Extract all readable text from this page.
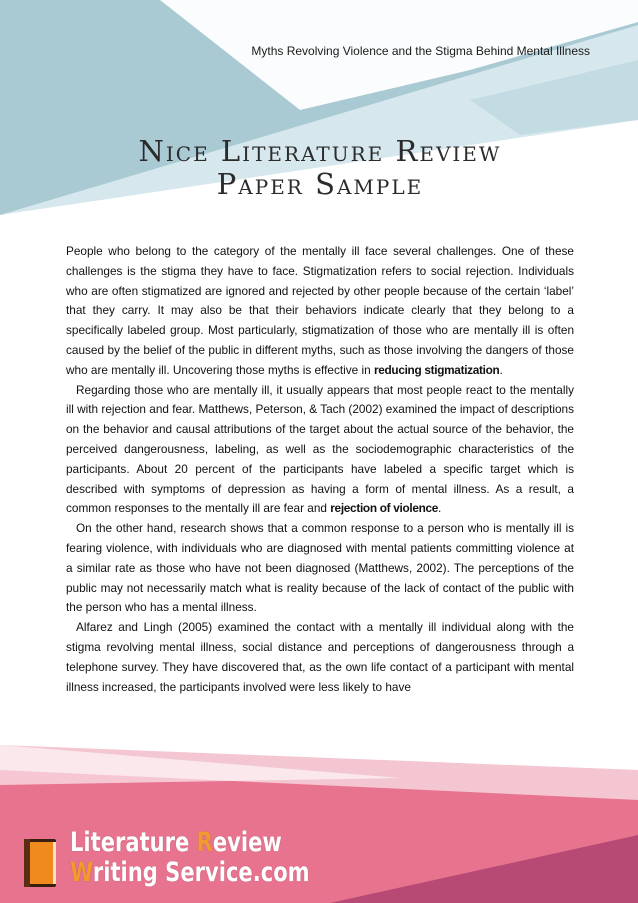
Myths Revolving Violence and the Stigma Behind Mental Illness
Nice Literature Review
Paper Sample

People who belong to the category of the mentally ill face several challenges. One of these challenges is the stigma they have to face. Stigmatization refers to social rejection. Individuals who are often stigmatized are ignored and rejected by other people because of the certain ‘label’ that they carry. It may also be that their behaviors indicate clearly that they belong to a specifically labeled group. Most particularly, stigmatization of those who are mentally ill is often caused by the belief of the public in different myths, such as those involving the dangers of those who are mentally ill. Uncovering those myths is effective in reducing stigmatization.

Regarding those who are mentally ill, it usually appears that most people react to the mentally ill with rejection and fear. Matthews, Peterson, & Tach (2002) examined the impact of descriptions on the behavior and causal attributions of the target about the actual source of the behavior, the perceived dangerousness, labeling, as well as the sociodemographic characteristics of the participants. About 20 percent of the participants have labeled a specific target which is described with symptoms of depression as having a form of mental illness. As a result, a common responses to the mentally ill are fear and rejection of violence.

On the other hand, research shows that a common response to a person who is mentally ill is fearing violence, with individuals who are diagnosed with mental patients committing violence at a similar rate as those who have not been diagnosed (Matthews, 2002). The perceptions of the public may not necessarily match what is reality because of the lack of contact of the public with the person who has a mental illness.

Alfarez and Lingh (2005) examined the contact with a mentally ill individual along with the stigma revolving mental illness, social distance and perceptions of dangerousness through a telephone survey. They have discovered that, as the own life contact of a participant with mental illness increased, the participants involved were less likely to have

Literature Review
Writing Service.com
